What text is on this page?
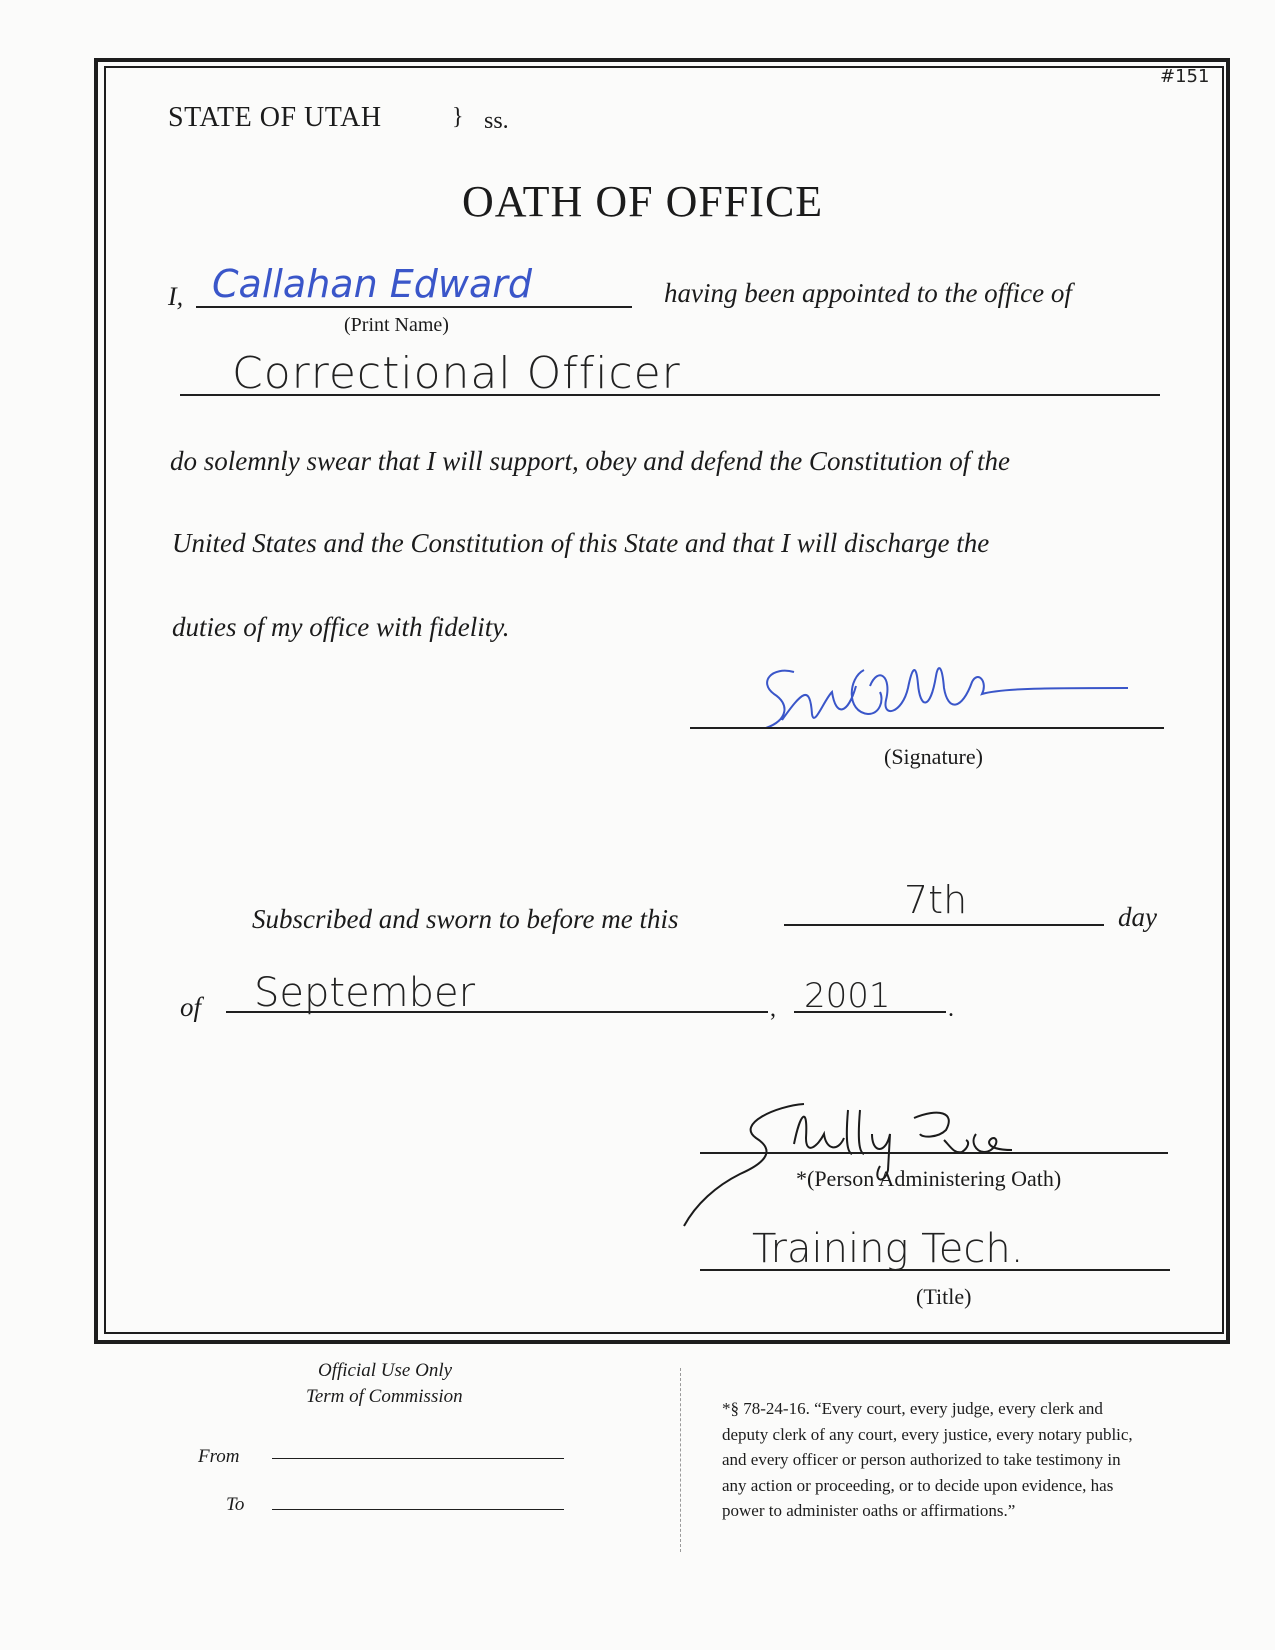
#151
STATE OF UTAH	} ss.
OATH OF OFFICE
I, Callahan Edward
(Print Name)
having been appointed to the office of
Correctional Officer
do solemnly swear that I will support, obey and defend the Constitution of the
United States and the Constitution of this State and that I will discharge the
duties of my office with fidelity.
(Signature)
Subscribed and sworn to before me this	7th	day
of September	, 2001 .
*(Person Administering Oath)
Training Tech.
(Title)
Official Use Only
Term of Commission
From
To
*§ 78-24-16. “Every court, every judge, every clerk and
deputy clerk of any court, every justice, every notary public,
and every officer or person authorized to take testimony in
any action or proceeding, or to decide upon evidence, has
power to administer oaths or affirmations.”
